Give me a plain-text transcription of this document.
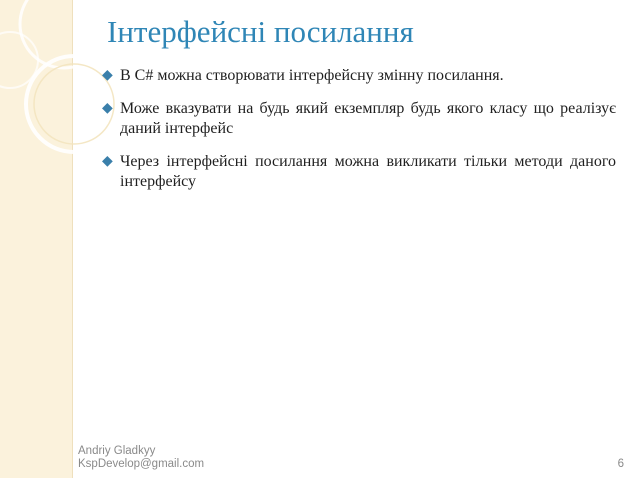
Інтерфейсні посилання
◆ В C# можна створювати інтерфейсну змінну посилання.
◆ Може вказувати на будь який екземпляр будь якого класу що реалізує даний інтерфейс
◆ Через інтерфейсні посилання можна викликати тільки методи даного інтерфейсу
Andriy Gladkyy
KspDevelop@gmail.com	6
